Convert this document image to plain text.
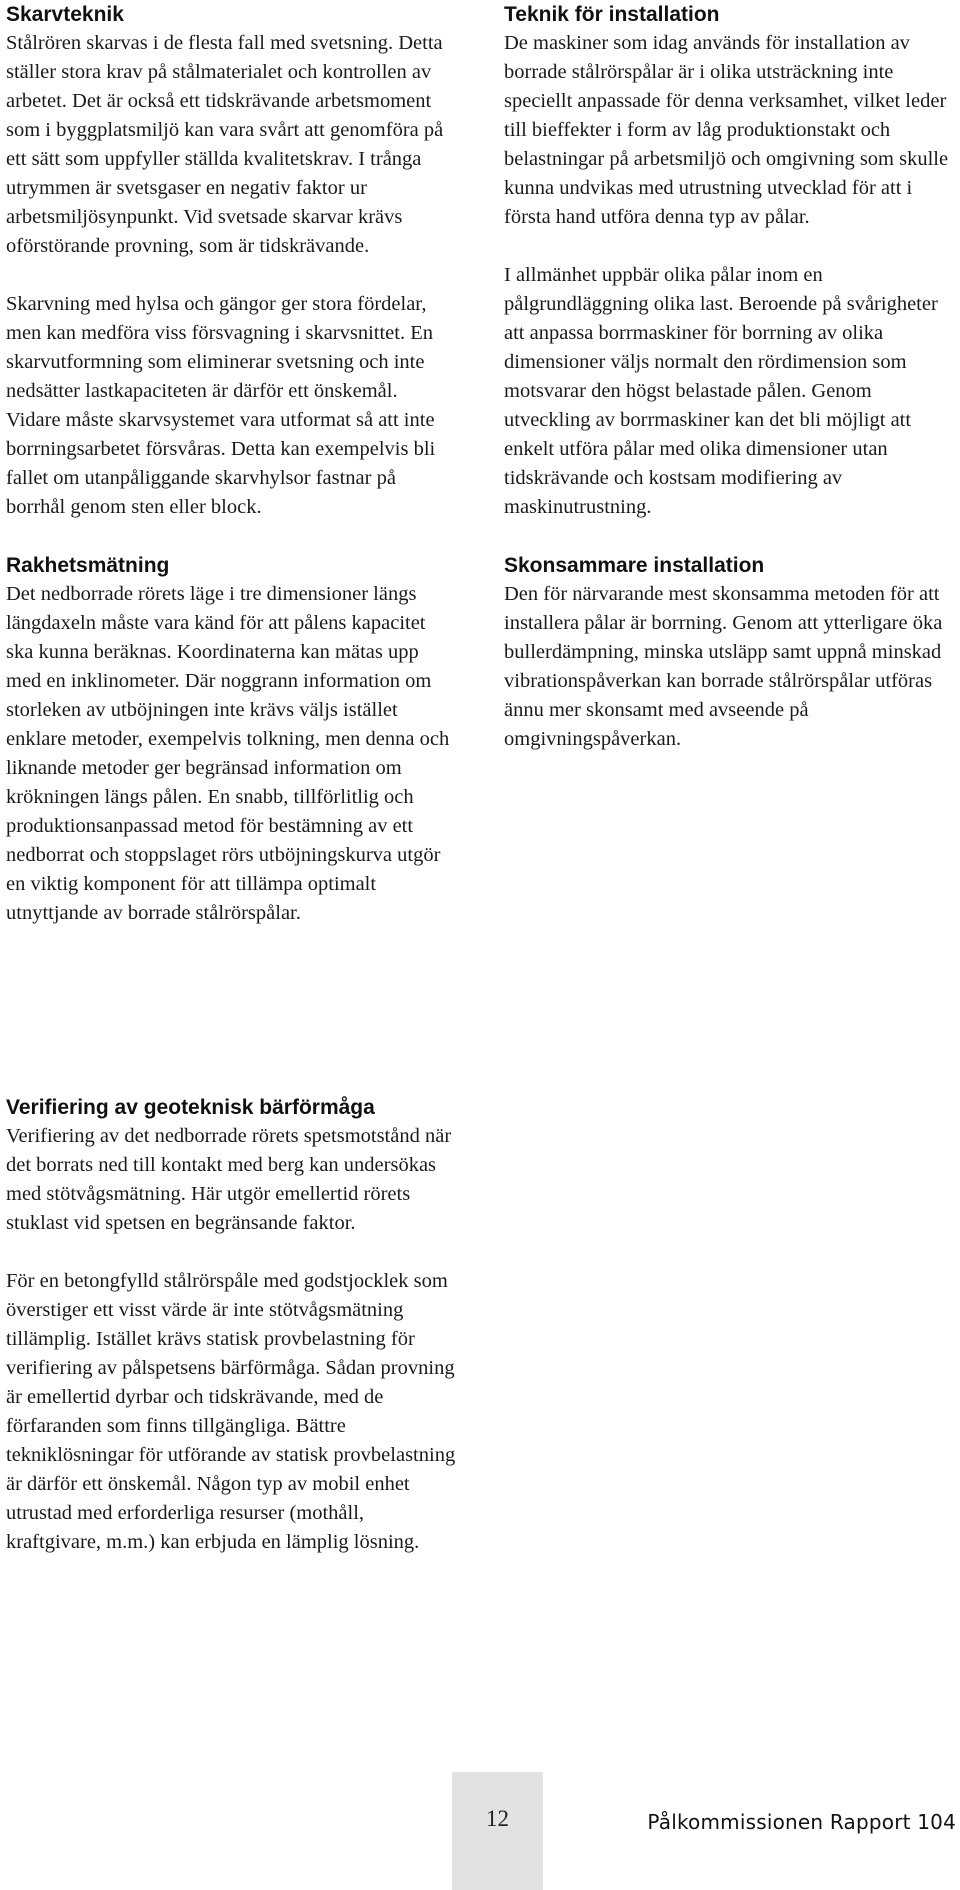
Skarvteknik

Stålrören skarvas i de flesta fall med svetsning. Detta ställer stora krav på stålmaterialet och kontrollen av arbetet. Det är också ett tidskrävande arbetsmoment som i byggplatsmiljö kan vara svårt att genomföra på ett sätt som uppfyller ställda kvalitetskrav. I trånga utrymmen är svetsgaser en negativ faktor ur arbetsmiljösynpunkt. Vid svetsade skarvar krävs oförstörande provning, som är tidskrävande.

Skarvning med hylsa och gängor ger stora fördelar, men kan medföra viss försvagning i skarvsnittet. En skarvutformning som eliminerar svetsning och inte nedsätter lastkapaciteten är därför ett önskemål. Vidare måste skarvsystemet vara utformat så att inte borrningsarbetet försvåras. Detta kan exempelvis bli fallet om utanpåliggande skarvhylsor fastnar på borrhål genom sten eller block.

Rakhetsmätning

Det nedborrade rörets läge i tre dimensioner längs längdaxeln måste vara känd för att pålens kapacitet ska kunna beräknas. Koordinaterna kan mätas upp med en inklinometer. Där noggrann information om storleken av utböjningen inte krävs väljs istället enklare metoder, exempelvis tolkning, men denna och liknande metoder ger begränsad information om krökningen längs pålen. En snabb, tillförlitlig och produktionsanpassad metod för bestämning av ett nedborrat och stoppslaget rörs utböjningskurva utgör en viktig komponent för att tillämpa optimalt utnyttjande av borrade stålrörspålar.

Verifiering av geoteknisk bärförmåga

Verifiering av det nedborrade rörets spetsmotstånd när det borrats ned till kontakt med berg kan undersökas med stötvågsmätning. Här utgör emellertid rörets stuklast vid spetsen en begränsande faktor.

För en betongfylld stålrörspåle med godstjocklek som överstiger ett visst värde är inte stötvågsmätning tillämplig. Istället krävs statisk provbelastning för verifiering av pålspetsens bärförmåga. Sådan provning är emellertid dyrbar och tidskrävande, med de förfaranden som finns tillgängliga. Bättre tekniklösningar för utförande av statisk provbelastning är därför ett önskemål. Någon typ av mobil enhet utrustad med erforderliga resurser (mothåll, kraftgivare, m.m.) kan erbjuda en lämplig lösning.

Teknik för installation

De maskiner som idag används för installation av borrade stålrörspålar är i olika utsträckning inte speciellt anpassade för denna verksamhet, vilket leder till bieffekter i form av låg produktionstakt och belastningar på arbetsmiljö och omgivning som skulle kunna undvikas med utrustning utvecklad för att i första hand utföra denna typ av pålar.

I allmänhet uppbär olika pålar inom en pålgrundläggning olika last. Beroende på svårigheter att anpassa borrmaskiner för borrning av olika dimensioner väljs normalt den rördimension som motsvarar den högst belastade pålen. Genom utveckling av borrmaskiner kan det bli möjligt att enkelt utföra pålar med olika dimensioner utan tidskrävande och kostsam modifiering av maskinutrustning.

Skonsammare installation

Den för närvarande mest skonsamma metoden för att installera pålar är borrning. Genom att ytterligare öka bullerdämpning, minska utsläpp samt uppnå minskad vibrationspåverkan kan borrade stålrörspålar utföras ännu mer skonsamt med avseende på omgivningspåverkan.

12	Pålkommissionen Rapport 104
